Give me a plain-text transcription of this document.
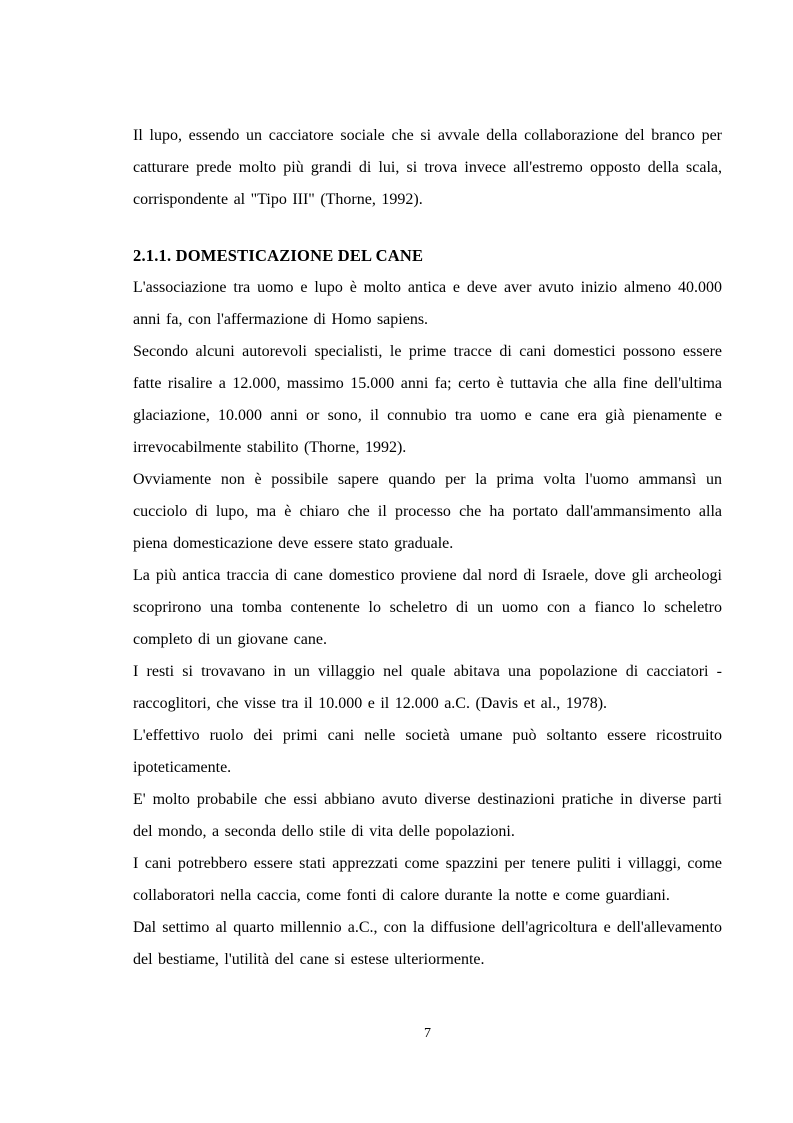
Il lupo, essendo un cacciatore sociale che si avvale della collaborazione del branco per catturare prede molto più grandi di lui, si trova invece all'estremo opposto della scala, corrispondente al "Tipo III" (Thorne, 1992).

2.1.1. DOMESTICAZIONE DEL CANE

L'associazione tra uomo e lupo è molto antica e deve aver avuto inizio almeno 40.000 anni fa, con l'affermazione di Homo sapiens.

Secondo alcuni autorevoli specialisti, le prime tracce di cani domestici possono essere fatte risalire a 12.000, massimo 15.000 anni fa; certo è tuttavia che alla fine dell'ultima glaciazione, 10.000 anni or sono, il connubio tra uomo e cane era già pienamente e irrevocabilmente stabilito (Thorne, 1992).

Ovviamente non è possibile sapere quando per la prima volta l'uomo ammansì un cucciolo di lupo, ma è chiaro che il processo che ha portato dall'ammansimento alla piena domesticazione deve essere stato graduale.

La più antica traccia di cane domestico proviene dal nord di Israele, dove gli archeologi scoprirono una tomba contenente lo scheletro di un uomo con a fianco lo scheletro completo di un giovane cane.

I resti si trovavano in un villaggio nel quale abitava una popolazione di cacciatori - raccoglitori, che visse tra il 10.000 e il 12.000 a.C. (Davis et al., 1978).

L'effettivo ruolo dei primi cani nelle società umane può soltanto essere ricostruito ipoteticamente.

E' molto probabile che essi abbiano avuto diverse destinazioni pratiche in diverse parti del mondo, a seconda dello stile di vita delle popolazioni.

I cani potrebbero essere stati apprezzati come spazzini per tenere puliti i villaggi, come collaboratori nella caccia, come fonti di calore durante la notte e come guardiani.

Dal settimo al quarto millennio a.C., con la diffusione dell'agricoltura e dell'allevamento del bestiame, l'utilità del cane si estese ulteriormente.

7
